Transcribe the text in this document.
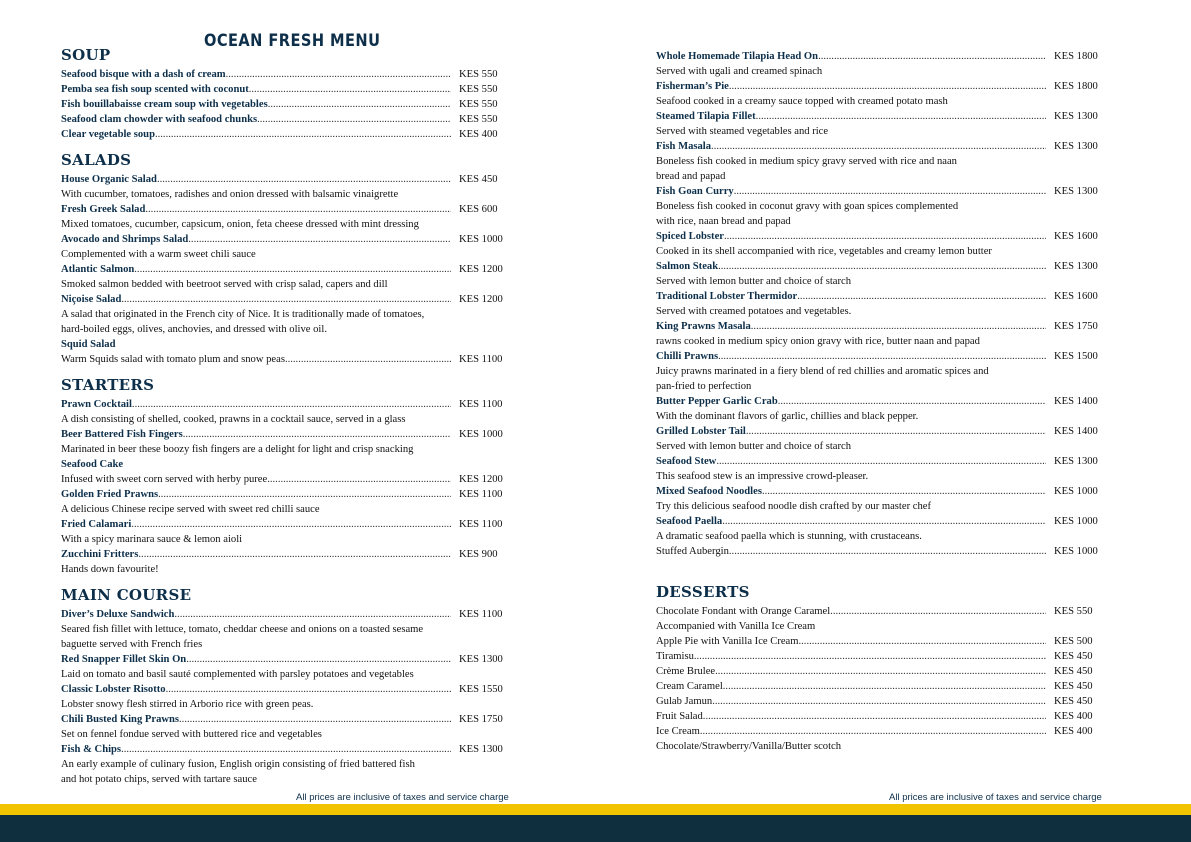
OCEAN FRESH MENU
SOUP
Seafood bisque with a dash of cream .....	KES 550
Pemba sea fish soup scented with coconut .....	KES 550
Fish bouillabaisse cream soup with vegetables .....	KES 550
Seafood clam chowder with seafood chunks .....	KES 550
Clear vegetable soup .....	KES 400
SALADS
House Organic Salad .....	KES 450
With cucumber, tomatoes, radishes and onion dressed with balsamic vinaigrette
Fresh Greek Salad .....	KES 600
Mixed tomatoes, cucumber, capsicum, onion, feta cheese dressed with mint dressing
Avocado and Shrimps Salad .....	KES 1000
Complemented with a warm sweet chili sauce
Atlantic Salmon .....	KES 1200
Smoked salmon bedded with beetroot served with crisp salad, capers and dill
Niçoise Salad .....	KES 1200
A salad that originated in the French city of Nice. It is traditionally made of tomatoes,
hard-boiled eggs, olives, anchovies, and dressed with olive oil.
Squid Salad
Warm Squids salad with tomato plum and snow peas .....	KES 1100
STARTERS
Prawn Cocktail .....	KES 1100
A dish consisting of shelled, cooked, prawns in a cocktail sauce, served in a glass
Beer Battered Fish Fingers .....	KES 1000
Marinated in beer these boozy fish fingers are a delight for light and crisp snacking
Seafood Cake
Infused with sweet corn served with herby puree .....	KES 1200
Golden Fried Prawns .....	KES 1100
A delicious Chinese recipe served with sweet red chilli sauce
Fried Calamari .....	KES 1100
With a spicy marinara sauce & lemon aioli
Zucchini Fritters .....	KES 900
Hands down favourite!
MAIN COURSE
Diver’s Deluxe Sandwich .....	KES 1100
Seared fish fillet with lettuce, tomato, cheddar cheese and onions on a toasted sesame
baguette served with French fries
Red Snapper Fillet Skin On .....	KES 1300
Laid on tomato and basil sauté complemented with parsley potatoes and vegetables
Classic Lobster Risotto .....	KES 1550
Lobster snowy flesh stirred in Arborio rice with green peas.
Chili Busted King Prawns .....	KES 1750
Set on fennel fondue served with buttered rice and vegetables
Fish & Chips .....	KES 1300
An early example of culinary fusion, English origin consisting of fried battered fish
and hot potato chips, served with tartare sauce
Whole Homemade Tilapia Head On .....	KES 1800
Served with ugali and creamed spinach
Fisherman’s Pie .....	KES 1800
Seafood cooked in a creamy sauce topped with creamed potato mash
Steamed Tilapia Fillet .....	KES 1300
Served with steamed vegetables and rice
Fish Masala .....	KES 1300
Boneless fish cooked in medium spicy gravy served with rice and naan
bread and papad
Fish Goan Curry .....	KES 1300
Boneless fish cooked in coconut gravy with goan spices complemented
with rice, naan bread and papad
Spiced Lobster .....	KES 1600
Cooked in its shell accompanied with rice, vegetables and creamy lemon butter
Salmon Steak .....	KES 1300
Served with lemon butter and choice of starch
Traditional Lobster Thermidor .....	KES 1600
Served with creamed potatoes and vegetables.
King Prawns Masala .....	KES 1750
rawns cooked in medium spicy onion gravy with rice, butter naan and papad
Chilli Prawns .....	KES 1500
Juicy prawns marinated in a fiery blend of red chillies and aromatic spices and
pan-fried to perfection
Butter Pepper Garlic Crab .....	KES 1400
With the dominant flavors of garlic, chillies and black pepper.
Grilled Lobster Tail .....	KES 1400
Served with lemon butter and choice of starch
Seafood Stew .....	KES 1300
This seafood stew is an impressive crowd-pleaser.
Mixed Seafood Noodles .....	KES 1000
Try this delicious seafood noodle dish crafted by our master chef
Seafood Paella .....	KES 1000
A dramatic seafood paella which is stunning, with crustaceans.
Stuffed Aubergin .....	KES 1000
DESSERTS
Chocolate Fondant with Orange Caramel .....	KES 550
Accompanied with Vanilla Ice Cream
Apple Pie with Vanilla Ice Cream .....	KES 500
Tiramisu .....	KES 450
Crème Brulee .....	KES 450
Cream Caramel .....	KES 450
Gulab Jamun .....	KES 450
Fruit Salad .....	KES 400
Ice Cream .....	KES 400
Chocolate/Strawberry/Vanilla/Butter scotch
All prices are inclusive of taxes and service charge	All prices are inclusive of taxes and service charge
